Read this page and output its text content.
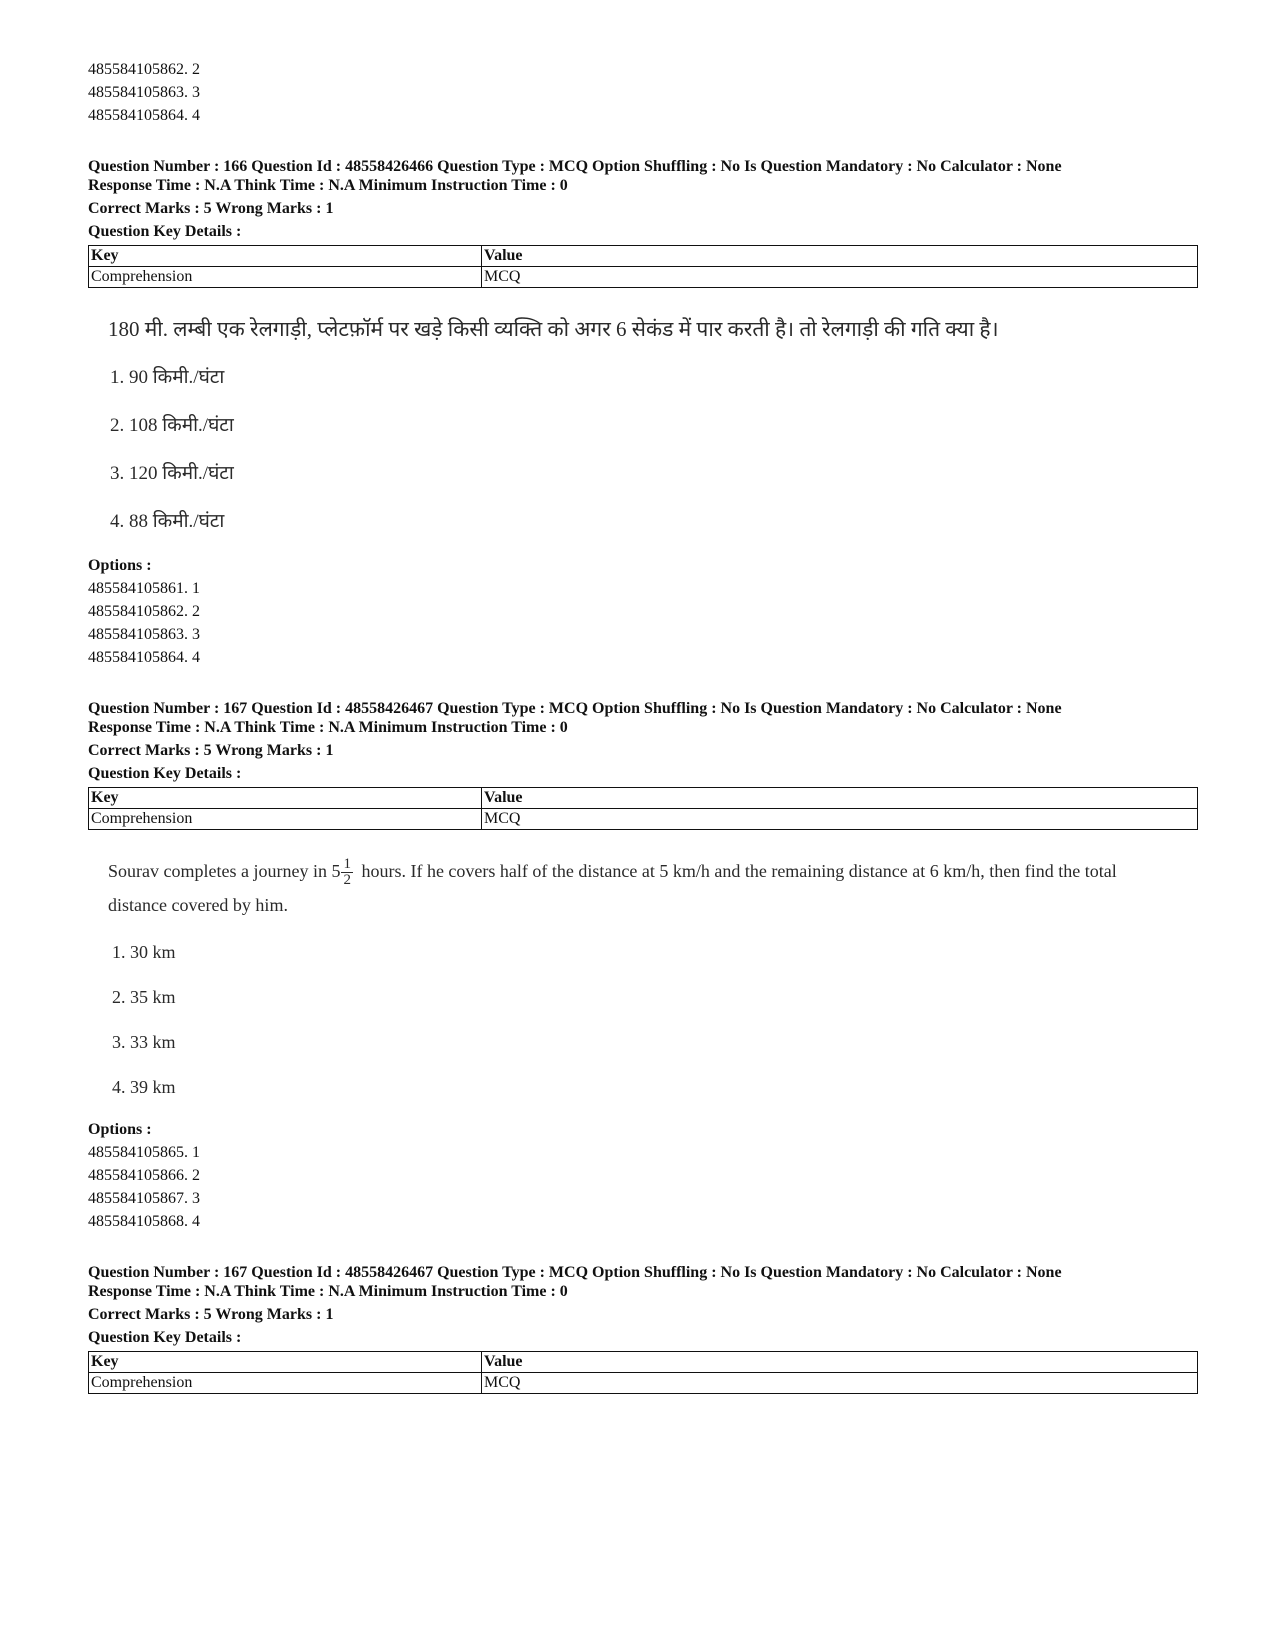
485584105862. 2
485584105863. 3
485584105864. 4
Question Number : 166 Question Id : 48558426466 Question Type : MCQ Option Shuffling : No Is Question Mandatory : No Calculator : None
Response Time : N.A Think Time : N.A Minimum Instruction Time : 0
Correct Marks : 5 Wrong Marks : 1
Question Key Details :
Key	Value
Comprehension	MCQ
180 मी. लम्बी एक रेलगाड़ी, प्लेटफ़ॉर्म पर खड़े किसी व्यक्ति को अगर 6 सेकंड में पार करती है। तो रेलगाड़ी की गति क्या है।
1. 90 किमी./घंटा
2. 108 किमी./घंटा
3. 120 किमी./घंटा
4. 88 किमी./घंटा
Options :
485584105861. 1
485584105862. 2
485584105863. 3
485584105864. 4
Question Number : 167 Question Id : 48558426467 Question Type : MCQ Option Shuffling : No Is Question Mandatory : No Calculator : None
Response Time : N.A Think Time : N.A Minimum Instruction Time : 0
Correct Marks : 5 Wrong Marks : 1
Question Key Details :
Key	Value
Comprehension	MCQ
Sourav completes a journey in $5 \frac{1}{2}$ hours. If he covers half of the distance at 5 km/h and the remaining distance at 6 km/h, then find the total distance covered by him.
1. 30 km
2. 35 km
3. 33 km
4. 39 km
Options :
485584105865. 1
485584105866. 2
485584105867. 3
485584105868. 4
Question Number : 167 Question Id : 48558426467 Question Type : MCQ Option Shuffling : No Is Question Mandatory : No Calculator : None
Response Time : N.A Think Time : N.A Minimum Instruction Time : 0
Correct Marks : 5 Wrong Marks : 1
Question Key Details :
Key	Value
Comprehension	MCQ
